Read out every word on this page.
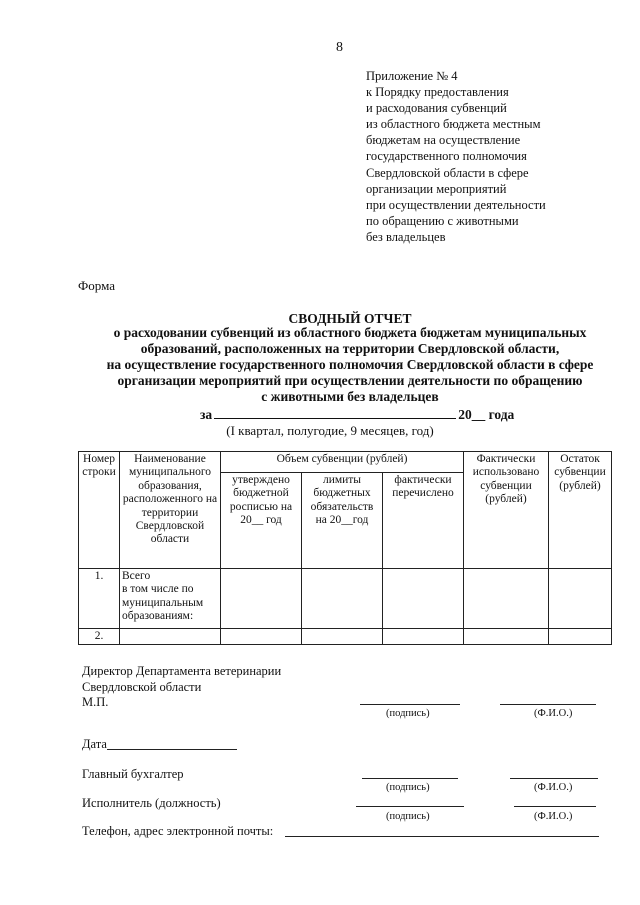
8
Приложение № 4
к Порядку предоставления
и расходования субвенций
из областного бюджета местным
бюджетам на осуществление
государственного полномочия
Свердловской области в сфере
организации мероприятий
при осуществлении деятельности
по обращению с животными
без владельцев
Форма
СВОДНЫЙ ОТЧЕТ
о расходовании субвенций из областного бюджета бюджетам муниципальных
образований, расположенных на территории Свердловской области,
на осуществление государственного полномочия Свердловской области в сфере
организации мероприятий при осуществлении деятельности по обращению
с животными без владельцев
за	20__ года
(I квартал, полугодие, 9 месяцев, год)
Номер строки	Наименование муниципального образования, расположенного на территории Свердловской области	Объем субвенции (рублей)			Фактически использовано субвенции (рублей)	Остаток субвенции (рублей)
		утверждено бюджетной росписью на 20__ год	лимиты бюджетных обязательств на 20__год	фактически перечислено		
1.	Всего
в том числе по муниципальным образованиям:					
2.						
Директор Департамента ветеринарии
Свердловской области
М.П.
(подпись)	(Ф.И.О.)
Дата
Главный бухгалтер
(подпись)	(Ф.И.О.)
Исполнитель (должность)
(подпись)	(Ф.И.О.)
Телефон, адрес электронной почты:
